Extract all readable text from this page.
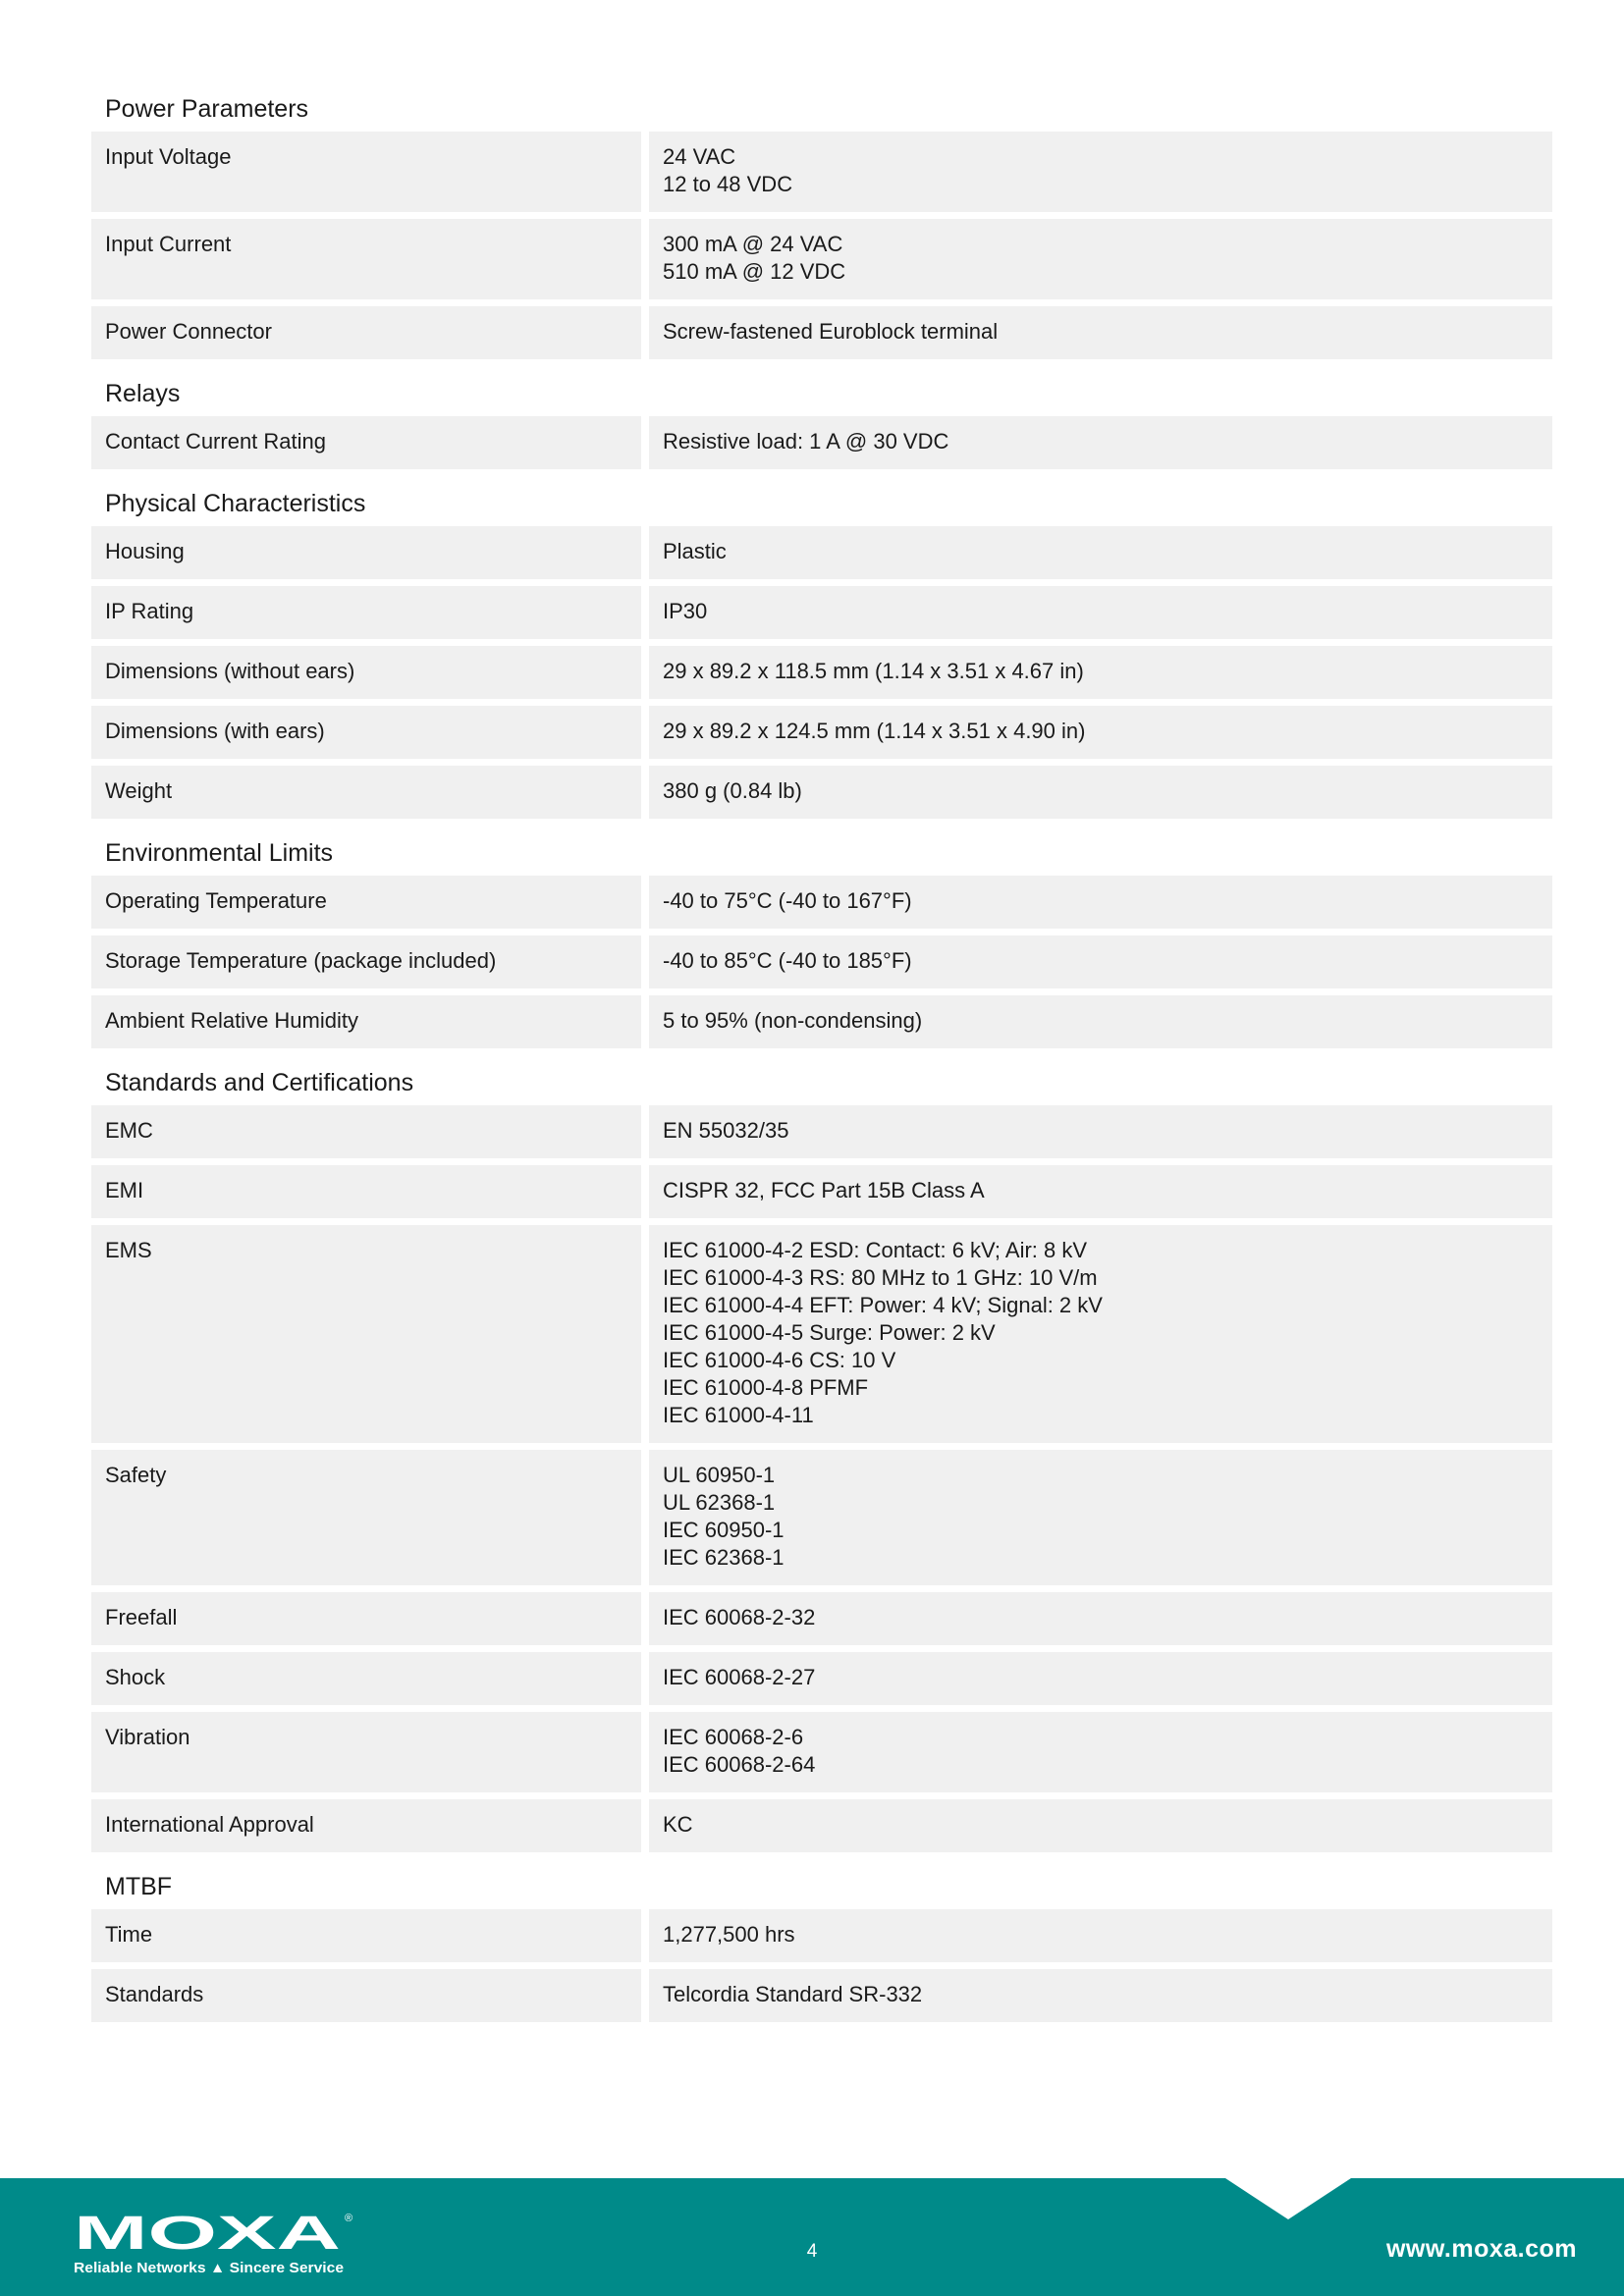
Power Parameters
Input Voltage	24 VAC
12 to 48 VDC
Input Current	300 mA @ 24 VAC
510 mA @ 12 VDC
Power Connector	Screw-fastened Euroblock terminal
Relays
Contact Current Rating	Resistive load: 1 A @ 30 VDC
Physical Characteristics
Housing	Plastic
IP Rating	IP30
Dimensions (without ears)	29 x 89.2 x 118.5 mm (1.14 x 3.51 x 4.67 in)
Dimensions (with ears)	29 x 89.2 x 124.5 mm (1.14 x 3.51 x 4.90 in)
Weight	380 g (0.84 lb)
Environmental Limits
Operating Temperature	-40 to 75°C (-40 to 167°F)
Storage Temperature (package included)	-40 to 85°C (-40 to 185°F)
Ambient Relative Humidity	5 to 95% (non-condensing)
Standards and Certifications
EMC	EN 55032/35
EMI	CISPR 32, FCC Part 15B Class A
EMS	IEC 61000-4-2 ESD: Contact: 6 kV; Air: 8 kV
IEC 61000-4-3 RS: 80 MHz to 1 GHz: 10 V/m
IEC 61000-4-4 EFT: Power: 4 kV; Signal: 2 kV
IEC 61000-4-5 Surge: Power: 2 kV
IEC 61000-4-6 CS: 10 V
IEC 61000-4-8 PFMF
IEC 61000-4-11
Safety	UL 60950-1
UL 62368-1
IEC 60950-1
IEC 62368-1
Freefall	IEC 60068-2-32
Shock	IEC 60068-2-27
Vibration	IEC 60068-2-6
IEC 60068-2-64
International Approval	KC
MTBF
Time	1,277,500 hrs
Standards	Telcordia Standard SR-332
MOXA ®
Reliable Networks ▲ Sincere Service
4	www.moxa.com
